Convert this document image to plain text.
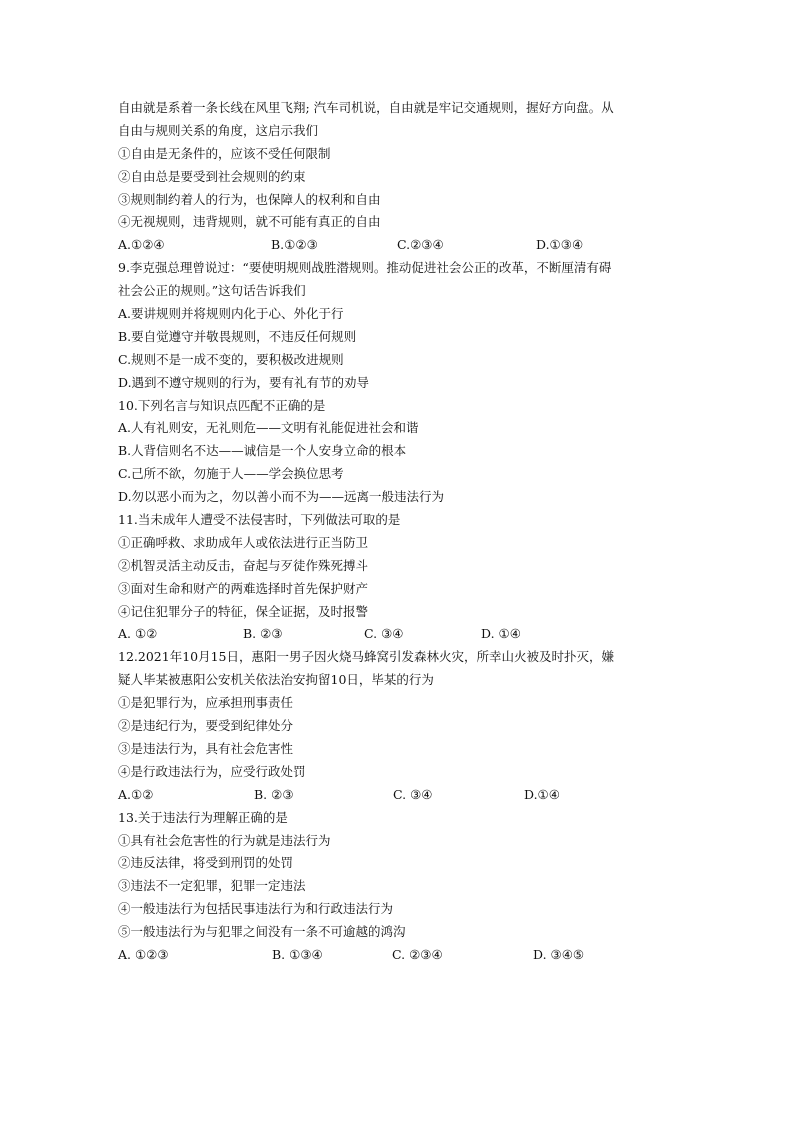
自由就是系着一条长线在风里飞翔; 汽车司机说，自由就是牢记交通规则，握好方向盘。从
自由与规则关系的角度，这启示我们
①自由是无条件的，应该不受任何限制
②自由总是要受到社会规则的约束
③规则制约着人的行为，也保障人的权利和自由
④无视规则，违背规则，就不可能有真正的自由
A.①②④	B.①②③	C.②③④	D.①③④
9.李克强总理曾说过：“要使明规则战胜潜规则。推动促进社会公正的改革，不断厘清有碍
社会公正的规则。”这句话告诉我们
A.要讲规则并将规则内化于心、外化于行
B.要自觉遵守并敬畏规则，不违反任何规则
C.规则不是一成不变的，要积极改进规则
D.遇到不遵守规则的行为，要有礼有节的劝导
10.下列名言与知识点匹配不正确的是
A.人有礼则安，无礼则危——文明有礼能促进社会和谐
B.人背信则名不达——诚信是一个人安身立命的根本
C.己所不欲，勿施于人——学会换位思考
D.勿以恶小而为之，勿以善小而不为——远离一般违法行为
11.当未成年人遭受不法侵害时，下列做法可取的是
①正确呼救、求助成年人或依法进行正当防卫
②机智灵活主动反击，奋起与歹徒作殊死搏斗
③面对生命和财产的两难选择时首先保护财产
④记住犯罪分子的特征，保全证据，及时报警
A. ①②	B. ②③	C. ③④	D. ①④
12.2021年10月15日，惠阳一男子因火烧马蜂窝引发森林火灾，所幸山火被及时扑灭，嫌
疑人毕某被惠阳公安机关依法治安拘留10日，毕某的行为
①是犯罪行为，应承担刑事责任
②是违纪行为，要受到纪律处分
③是违法行为，具有社会危害性
④是行政违法行为，应受行政处罚
A.①②	B. ②③	C. ③④	D.①④
13.关于违法行为理解正确的是
①具有社会危害性的行为就是违法行为
②违反法律，将受到刑罚的处罚
③违法不一定犯罪，犯罪一定违法
④一般违法行为包括民事违法行为和行政违法行为
⑤一般违法行为与犯罪之间没有一条不可逾越的鸿沟
A. ①②③	B. ①③④	C. ②③④	D. ③④⑤
